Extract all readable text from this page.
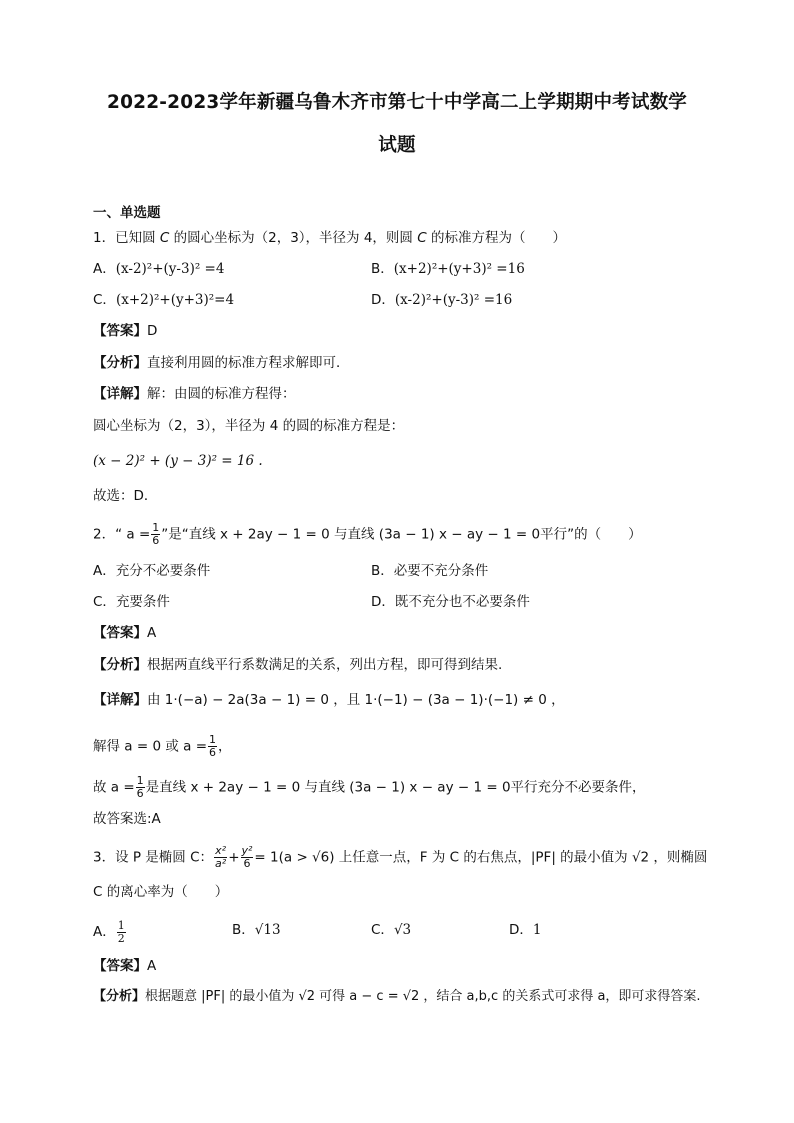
2022-2023学年新疆乌鲁木齐市第七十中学高二上学期期中考试数学
试题
一、单选题
1．已知圆 C 的圆心坐标为（2，3），半径为 4，则圆 C 的标准方程为（　　）
A．(x-2)²+(y-3)² =4	B．(x+2)²+(y+3)² =16
C．(x+2)²+(y+3)²=4	D．(x-2)²+(y-3)² =16
【答案】D
【分析】直接利用圆的标准方程求解即可．
【详解】解：由圆的标准方程得：
圆心坐标为（2，3），半径为 4 的圆的标准方程是：
(x − 2)² + (y − 3)² = 16 .
故选：D．
2．“ $a = \frac{1}{6}$ ”是“直线 x + 2ay − 1 = 0 与直线 (3a − 1) x − ay − 1 = 0平行”的（　　）
A．充分不必要条件	B．必要不充分条件
C．充要条件	D．既不充分也不必要条件
【答案】A
【分析】根据两直线平行系数满足的关系，列出方程，即可得到结果.
【详解】由 1·(−a) − 2a(3a − 1) = 0 ，且 1·(−1) − (3a − 1)·(−1) ≠ 0 ，
解得 a = 0 或 $a = \frac{1}{6}$ ，
故 $a = \frac{1}{6}$ 是直线 x + 2ay − 1 = 0 与直线 (3a − 1) x − ay − 1 = 0平行充分不必要条件，
故答案选:A
3．设 P 是椭圆 C： $\frac{\text{x²}}{\text{a²}} + \frac{\text{y²}}{6} = 1(a > √6)$ 上任意一点，F 为 C 的右焦点，|PF| 的最小值为 √2 ，则椭圆
C 的离心率为（　　）
A． $\frac{1}{2}$	B．√13	C．√3	D．1
【答案】A
【分析】根据题意 |PF| 的最小值为 √2 可得 a − c = √2 ，结合 a,b,c 的关系式可求得 a，即可求得答案.
